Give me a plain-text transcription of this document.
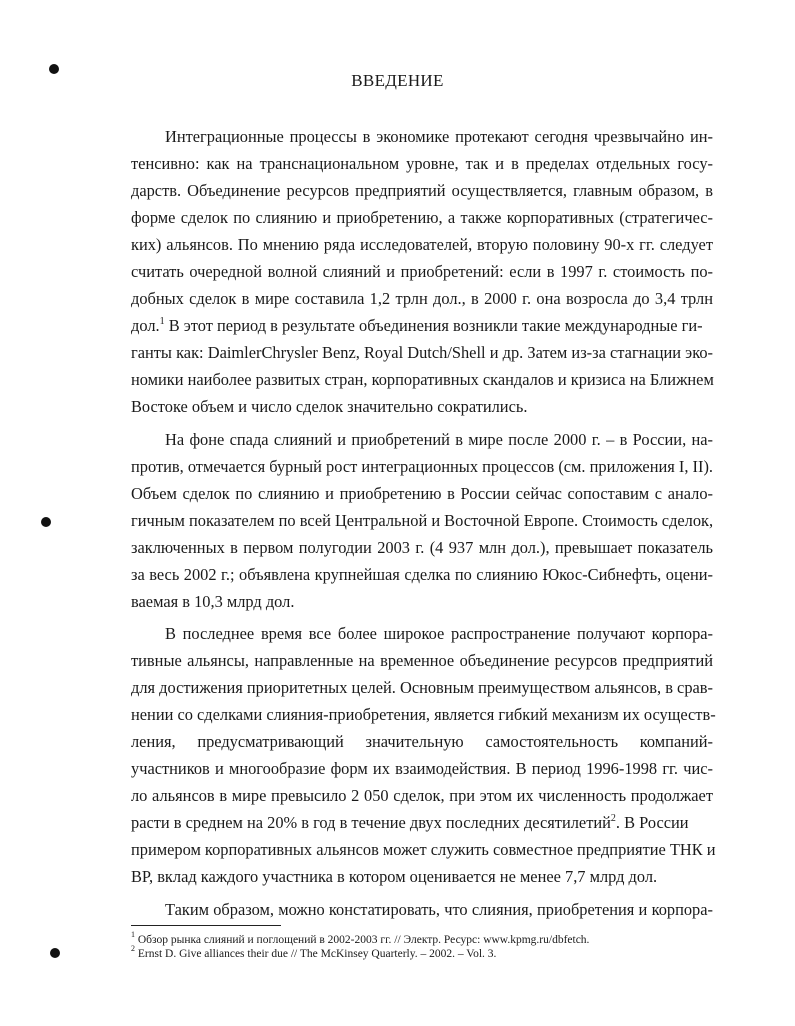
ВВЕДЕНИЕ
Интеграционные процессы в экономике протекают сегодня чрезвычайно ин-
тенсивно: как на транснациональном уровне, так и в пределах отдельных госу-
дарств. Объединение ресурсов предприятий осуществляется, главным образом, в
форме сделок по слиянию и приобретению, а также корпоративных (стратегичес-
ких) альянсов. По мнению ряда исследователей, вторую половину 90-х гг. следует
считать очередной волной слияний и приобретений: если в 1997 г. стоимость по-
добных сделок в мире составила 1,2 трлн дол., в 2000 г. она возросла до 3,4 трлн
дол.$^1$ В этот период в результате объединения возникли такие международные ги-
ганты как: DaimlerChrysler Benz, Royal Dutch/Shell и др. Затем из-за стагнации эко-
номики наиболее развитых стран, корпоративных скандалов и кризиса на Ближнем
Востоке объем и число сделок значительно сократились.
На фоне спада слияний и приобретений в мире после 2000 г. – в России, на-
против, отмечается бурный рост интеграционных процессов (см. приложения I, II).
Объем сделок по слиянию и приобретению в России сейчас сопоставим с анало-
гичным показателем по всей Центральной и Восточной Европе. Стоимость сделок,
заключенных в первом полугодии 2003 г. (4 937 млн дол.), превышает показатель
за весь 2002 г.; объявлена крупнейшая сделка по слиянию Юкос-Сибнефть, оцени-
ваемая в 10,3 млрд дол.
В последнее время все более широкое распространение получают корпора-
тивные альянсы, направленные на временное объединение ресурсов предприятий
для достижения приоритетных целей. Основным преимуществом альянсов, в срав-
нении со сделками слияния-приобретения, является гибкий механизм их осуществ-
ления, предусматривающий значительную самостоятельность компаний-
участников и многообразие форм их взаимодействия. В период 1996-1998 гг. чис-
ло альянсов в мире превысило 2 050 сделок, при этом их численность продолжает
расти в среднем на 20% в год в течение двух последних десятилетий$^2$. В России
примером корпоративных альянсов может служить совместное предприятие ТНК и
ВР, вклад каждого участника в котором оценивается не менее 7,7 млрд дол.
Таким образом, можно констатировать, что слияния, приобретения и корпора-
$^1$ Обзор рынка слияний и поглощений в 2002-2003 гг. // Электр. Ресурс: www.kpmg.ru/dbfetch.
$^2$ Ernst D. Give alliances their due // The McKinsey Quarterly. – 2002. – Vol. 3.
